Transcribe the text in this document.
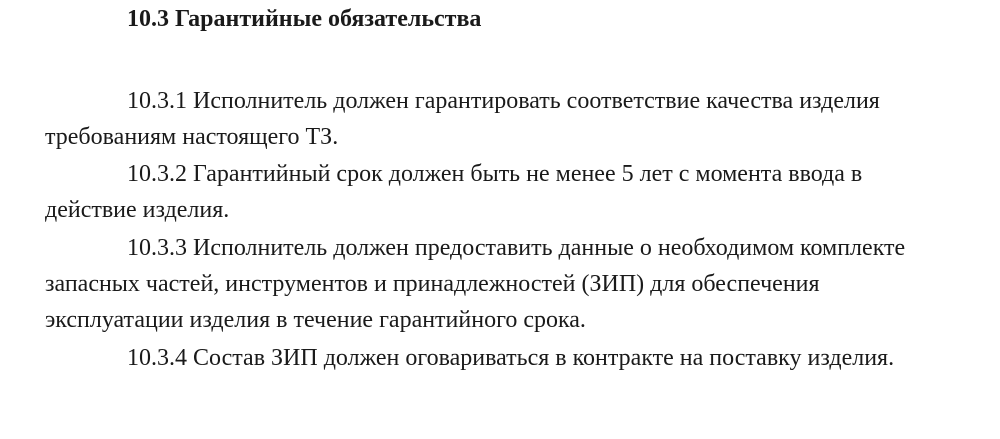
10.3 Гарантийные обязательства

10.3.1 Исполнитель должен гарантировать соответствие качества изделия
требованиям настоящего ТЗ.

10.3.2 Гарантийный срок должен быть не менее 5 лет с момента ввода в
действие изделия.

10.3.3 Исполнитель должен предоставить данные о необходимом комплекте
запасных частей, инструментов и принадлежностей (ЗИП) для обеспечения
эксплуатации изделия в течение гарантийного срока.

10.3.4 Состав ЗИП должен оговариваться в контракте на поставку изделия.
